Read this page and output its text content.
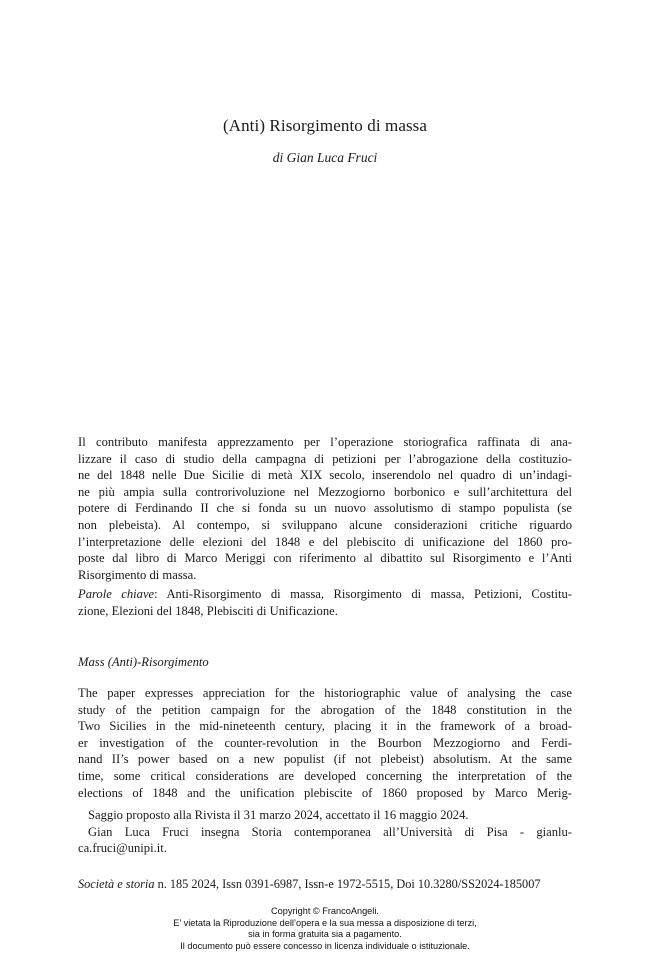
(Anti) Risorgimento di massa
di Gian Luca Fruci
Il contributo manifesta apprezzamento per l’operazione storiografica raffinata di ana-
lizzare il caso di studio della campagna di petizioni per l’abrogazione della costituzio-
ne del 1848 nelle Due Sicilie di metà XIX secolo, inserendolo nel quadro di un’indagi-
ne più ampia sulla controrivoluzione nel Mezzogiorno borbonico e sull’architettura del
potere di Ferdinando II che si fonda su un nuovo assolutismo di stampo populista (se
non plebeista). Al contempo, si sviluppano alcune considerazioni critiche riguardo
l’interpretazione delle elezioni del 1848 e del plebiscito di unificazione del 1860 pro-
poste dal libro di Marco Meriggi con riferimento al dibattito sul Risorgimento e l’Anti
Risorgimento di massa.
Parole chiave: Anti-Risorgimento di massa, Risorgimento di massa, Petizioni, Costitu-
zione, Elezioni del 1848, Plebisciti di Unificazione.
Mass (Anti)-Risorgimento
The paper expresses appreciation for the historiographic value of analysing the case
study of the petition campaign for the abrogation of the 1848 constitution in the
Two Sicilies in the mid-nineteenth century, placing it in the framework of a broad-
er investigation of the counter-revolution in the Bourbon Mezzogiorno and Ferdi-
nand II’s power based on a new populist (if not plebeist) absolutism. At the same
time, some critical considerations are developed concerning the interpretation of the
elections of 1848 and the unification plebiscite of 1860 proposed by Marco Merig-
Saggio proposto alla Rivista il 31 marzo 2024, accettato il 16 maggio 2024.
Gian Luca Fruci insegna Storia contemporanea all’Università di Pisa - gianlu-
ca.fruci@unipi.it.
Società e storia n. 185 2024, Issn 0391-6987, Issn-e 1972-5515, Doi 10.3280/SS2024-185007
Copyright © FrancoAngeli.
E’ vietata la Riproduzione dell’opera e la sua messa a disposizione di terzi,
sia in forma gratuita sia a pagamento.
Il documento può essere concesso in licenza individuale o istituzionale.
